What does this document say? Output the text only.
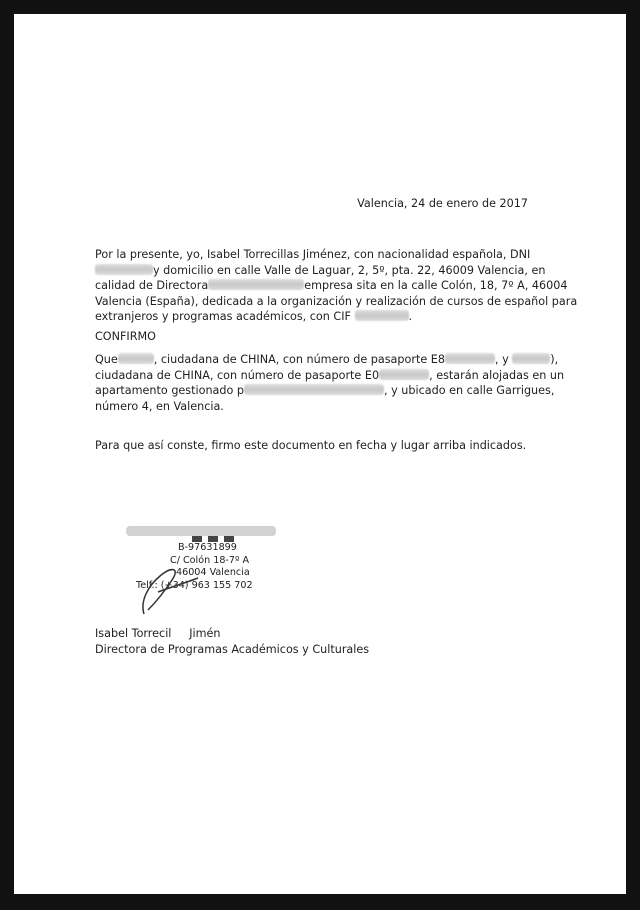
Valencia, 24 de enero de 2017

Por la presente, yo, Isabel Torrecillas Jiménez, con nacionalidad española, DNI
y domicilio en calle Valle de Laguar, 2, 5º, pta. 22, 46009 Valencia, en
calidad de Directora	empresa sita en la calle Colón, 18, 7º A, 46004
Valencia (España), dedicada a la organización y realización de cursos de español para
extranjeros y programas académicos, con CIF	.

CONFIRMO

Que	, ciudadana de CHINA, con número de pasaporte E8	, y	),
ciudadana de CHINA, con número de pasaporte E0	, estarán alojadas en un
apartamento gestionado p	, y ubicado en calle Garrigues,
número 4, en Valencia.

Para que así conste, firmo este documento en fecha y lugar arriba indicados.
B-97631899
C/ Colón 18-7º A
46004 Valencia
Telf.: (+34) 963 155 702
Isabel Torrecil Jimén
Directora de Programas Académicos y Culturales
